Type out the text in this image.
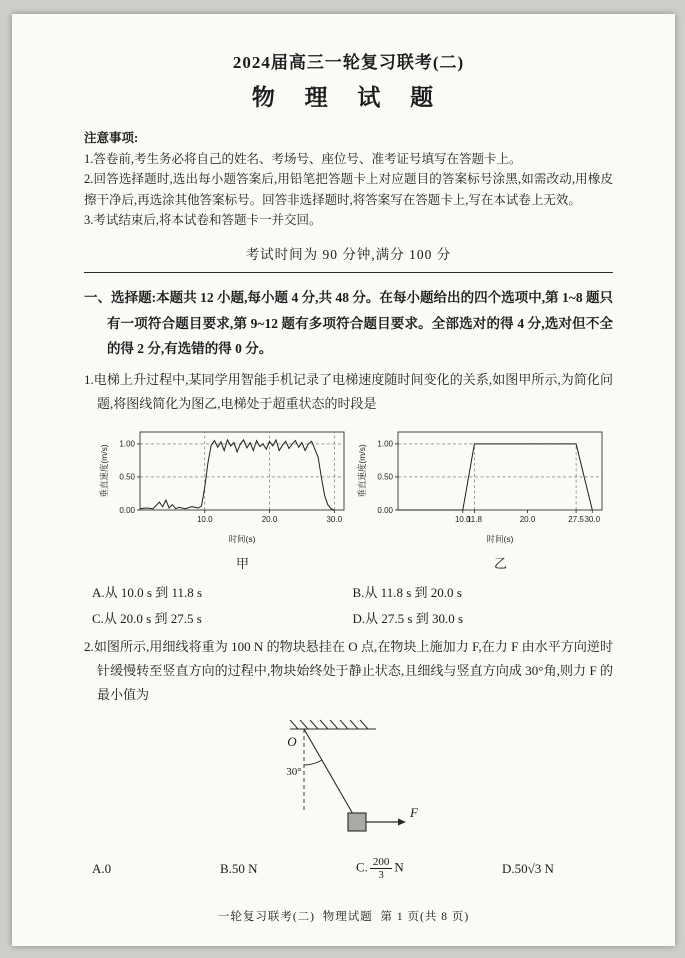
2024届高三一轮复习联考(二)
物 理 试 题
注意事项:
1.答卷前,考生务必将自己的姓名、考场号、座位号、准考证号填写在答题卡上。
2.回答选择题时,选出每小题答案后,用铅笔把答题卡上对应题目的答案标号涂黑,如需改动,用橡皮擦干净后,再选涂其他答案标号。回答非选择题时,将答案写在答题卡上,写在本试卷上无效。
3.考试结束后,将本试卷和答题卡一并交回。
考试时间为 90 分钟,满分 100 分
一、选择题:本题共 12 小题,每小题 4 分,共 48 分。在每小题给出的四个选项中,第 1~8 题只有一项符合题目要求,第 9~12 题有多项符合题目要求。全部选对的得 4 分,选对但不全的得 2 分,有选错的得 0 分。
1.电梯上升过程中,某同学用智能手机记录了电梯速度随时间变化的关系,如图甲所示,为简化问题,将图线简化为图乙,电梯处于超重状态的时段是
0.00
0.50
1.00
10.0	20.0	30.0
时间(s)
垂直速度(m/s)
甲
0.00
0.50
1.00
10.0
11.8	20.0	27.5 30.0
时间(s)
垂直速度(m/s)
乙
A.从 10.0 s 到 11.8 s	B.从 11.8 s 到 20.0 s
C.从 20.0 s 到 27.5 s	D.从 27.5 s 到 30.0 s
2.如图所示,用细线将重为 100 N 的物块悬挂在 O 点,在物块上施加力 F,在力 F 由水平方向逆时针缓慢转至竖直方向的过程中,物块始终处于静止状态,且细线与竖直方向成 30°角,则力 F 的最小值为
O
30°
F
A.0	B.50 N	C. $\frac{200}{3}$ N	D.50√3 N
一轮复习联考(二)  物理试题  第 1 页(共 8 页)
